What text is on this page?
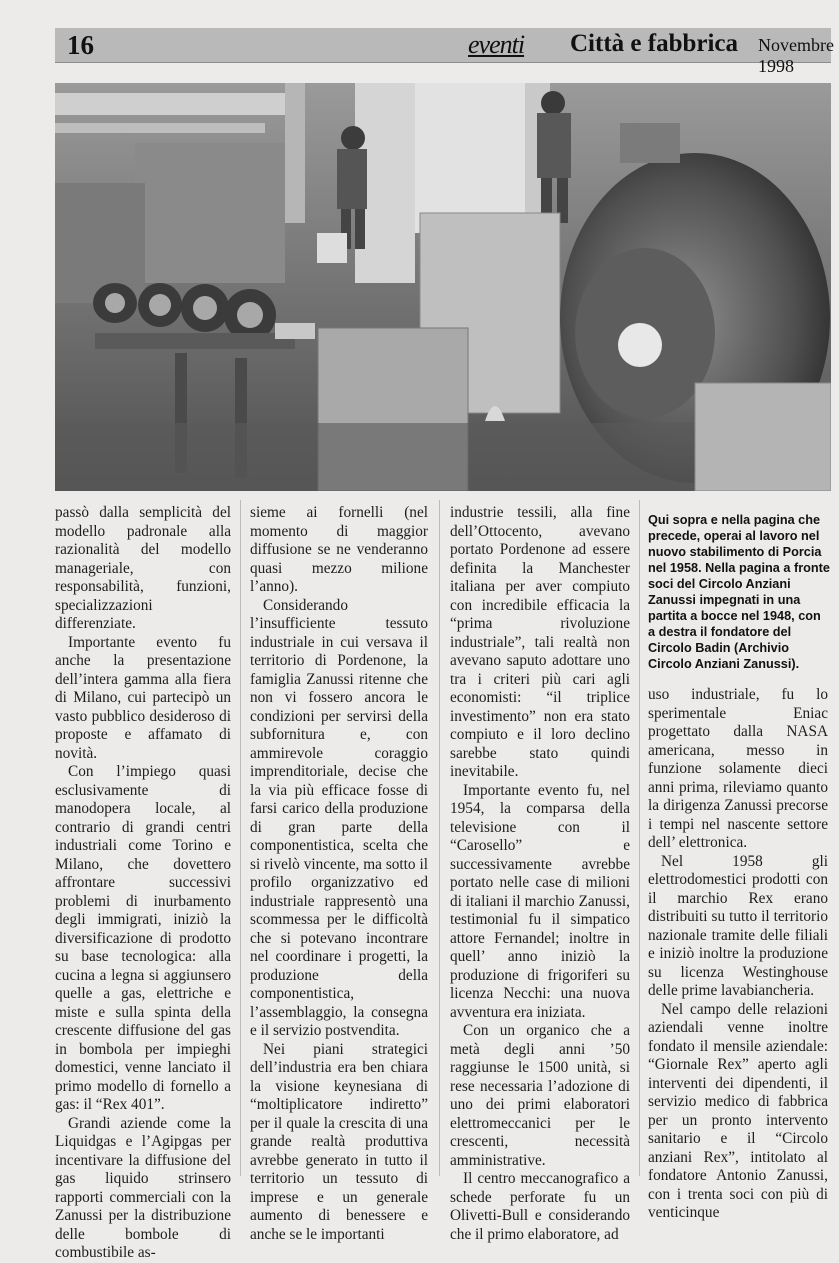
16	eventi Città e fabbrica Novembre 1998

passò dalla semplicità del modello padronale alla razionalità del modello manageriale, con responsabilità, funzioni, specializzazioni differenziate.

Importante evento fu anche la presentazione dell’intera gamma alla fiera di Milano, cui partecipò un vasto pubblico desideroso di proposte e affamato di novità.

Con l’impiego quasi esclusivamente di manodopera locale, al contrario di grandi centri industriali come Torino e Milano, che dovettero affrontare successivi problemi di inurbamento degli immigrati, iniziò la diversificazione di prodotto su base tecnologica: alla cucina a legna si aggiunsero quelle a gas, elettriche e miste e sulla spinta della crescente diffusione del gas in bombola per impieghi domestici, venne lanciato il primo modello di fornello a gas: il “Rex 401”.

Grandi aziende come la Liquidgas e l’Agipgas per incentivare la diffusione del gas liquido strinsero rapporti commerciali con la Zanussi per la distribuzione delle bombole di combustibile as-

sieme ai fornelli (nel momento di maggior diffusione se ne venderanno quasi mezzo milione l’anno).

Considerando l’insufficiente tessuto industriale in cui versava il territorio di Pordenone, la famiglia Zanussi ritenne che non vi fossero ancora le condizioni per servirsi della subfornitura e, con ammirevole coraggio imprenditoriale, decise che la via più efficace fosse di farsi carico della produzione di gran parte della componentistica, scelta che si rivelò vincente, ma sotto il profilo organizzativo ed industriale rappresentò una scommessa per le difficoltà che si potevano incontrare nel coordinare i progetti, la produzione della componentistica, l’assemblaggio, la consegna e il servizio postvendita.

Nei piani strategici dell’industria era ben chiara la visione keynesiana di “moltiplicatore indiretto” per il quale la crescita di una grande realtà produttiva avrebbe generato in tutto il territorio un tessuto di imprese e un generale aumento di benessere e anche se le importanti

industrie tessili, alla fine dell’Ottocento, avevano portato Pordenone ad essere definita la Manchester italiana per aver compiuto con incredibile efficacia la “prima rivoluzione industriale”, tali realtà non avevano saputo adottare uno tra i criteri più cari agli economisti: “il triplice investimento” non era stato compiuto e il loro declino sarebbe stato quindi inevitabile.

Importante evento fu, nel 1954, la comparsa della televisione con il “Carosello” e successivamente avrebbe portato nelle case di milioni di italiani il marchio Zanussi, testimonial fu il simpatico attore Fernandel; inoltre in quell’ anno iniziò la produzione di frigoriferi su licenza Necchi: una nuova avventura era iniziata.

Con un organico che a metà degli anni ’50 raggiunse le 1500 unità, si rese necessaria l’adozione di uno dei primi elaboratori elettromeccanici per le crescenti, necessità amministrative.

Il centro meccanografico a schede perforate fu un Olivetti-Bull e considerando che il primo elaboratore, ad

Qui sopra e nella pagina che precede, operai al lavoro nel nuovo stabilimento di Porcia nel 1958. Nella pagina a fronte soci del Circolo Anziani Zanussi impegnati in una partita a bocce nel 1948, con a destra il fondatore del Circolo Badin (Archivio Circolo Anziani Zanussi).

uso industriale, fu lo sperimentale Eniac progettato dalla NASA americana, messo in funzione solamente dieci anni prima, rileviamo quanto la dirigenza Zanussi precorse i tempi nel nascente settore dell’ elettronica.

Nel 1958 gli elettrodomestici prodotti con il marchio Rex erano distribuiti su tutto il territorio nazionale tramite delle filiali e iniziò inoltre la produzione su licenza Westinghouse delle prime lavabiancheria.

Nel campo delle relazioni aziendali venne inoltre fondato il mensile aziendale: “Giornale Rex” aperto agli interventi dei dipendenti, il servizio medico di fabbrica per un pronto intervento sanitario e il “Circolo anziani Rex”, intitolato al fondatore Antonio Zanussi, con i trenta soci con più di venticinque
